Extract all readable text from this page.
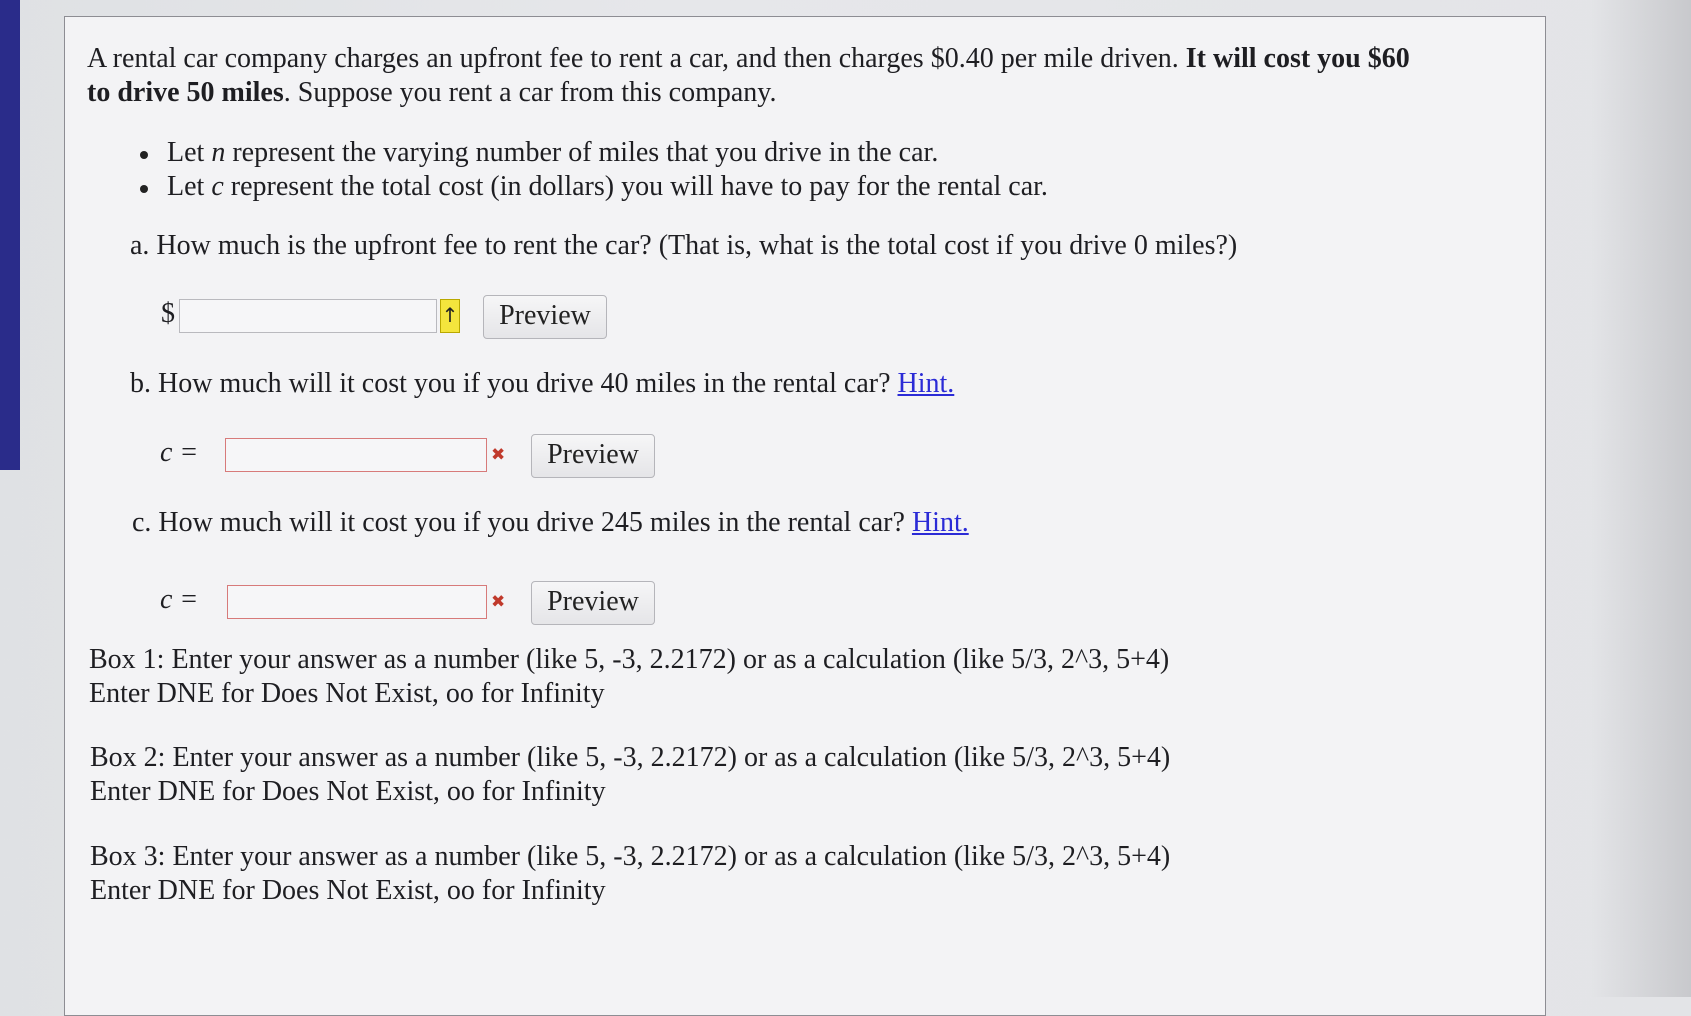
A rental car company charges an upfront fee to rent a car, and then charges $0.40 per mile driven. It will cost you $60
to drive 50 miles. Suppose you rent a car from this company.
Let n represent the varying number of miles that you drive in the car.
Let c represent the total cost (in dollars) you will have to pay for the rental car.
a. How much is the upfront fee to rent the car? (That is, what is the total cost if you drive 0 miles?)
$	↑	Preview
b. How much will it cost you if you drive 40 miles in the rental car? Hint.
c =	✖	Preview
c. How much will it cost you if you drive 245 miles in the rental car? Hint.
c =	✖	Preview
Box 1: Enter your answer as a number (like 5, -3, 2.2172) or as a calculation (like 5/3, 2^3, 5+4)
Enter DNE for Does Not Exist, oo for Infinity
Box 2: Enter your answer as a number (like 5, -3, 2.2172) or as a calculation (like 5/3, 2^3, 5+4)
Enter DNE for Does Not Exist, oo for Infinity
Box 3: Enter your answer as a number (like 5, -3, 2.2172) or as a calculation (like 5/3, 2^3, 5+4)
Enter DNE for Does Not Exist, oo for Infinity
